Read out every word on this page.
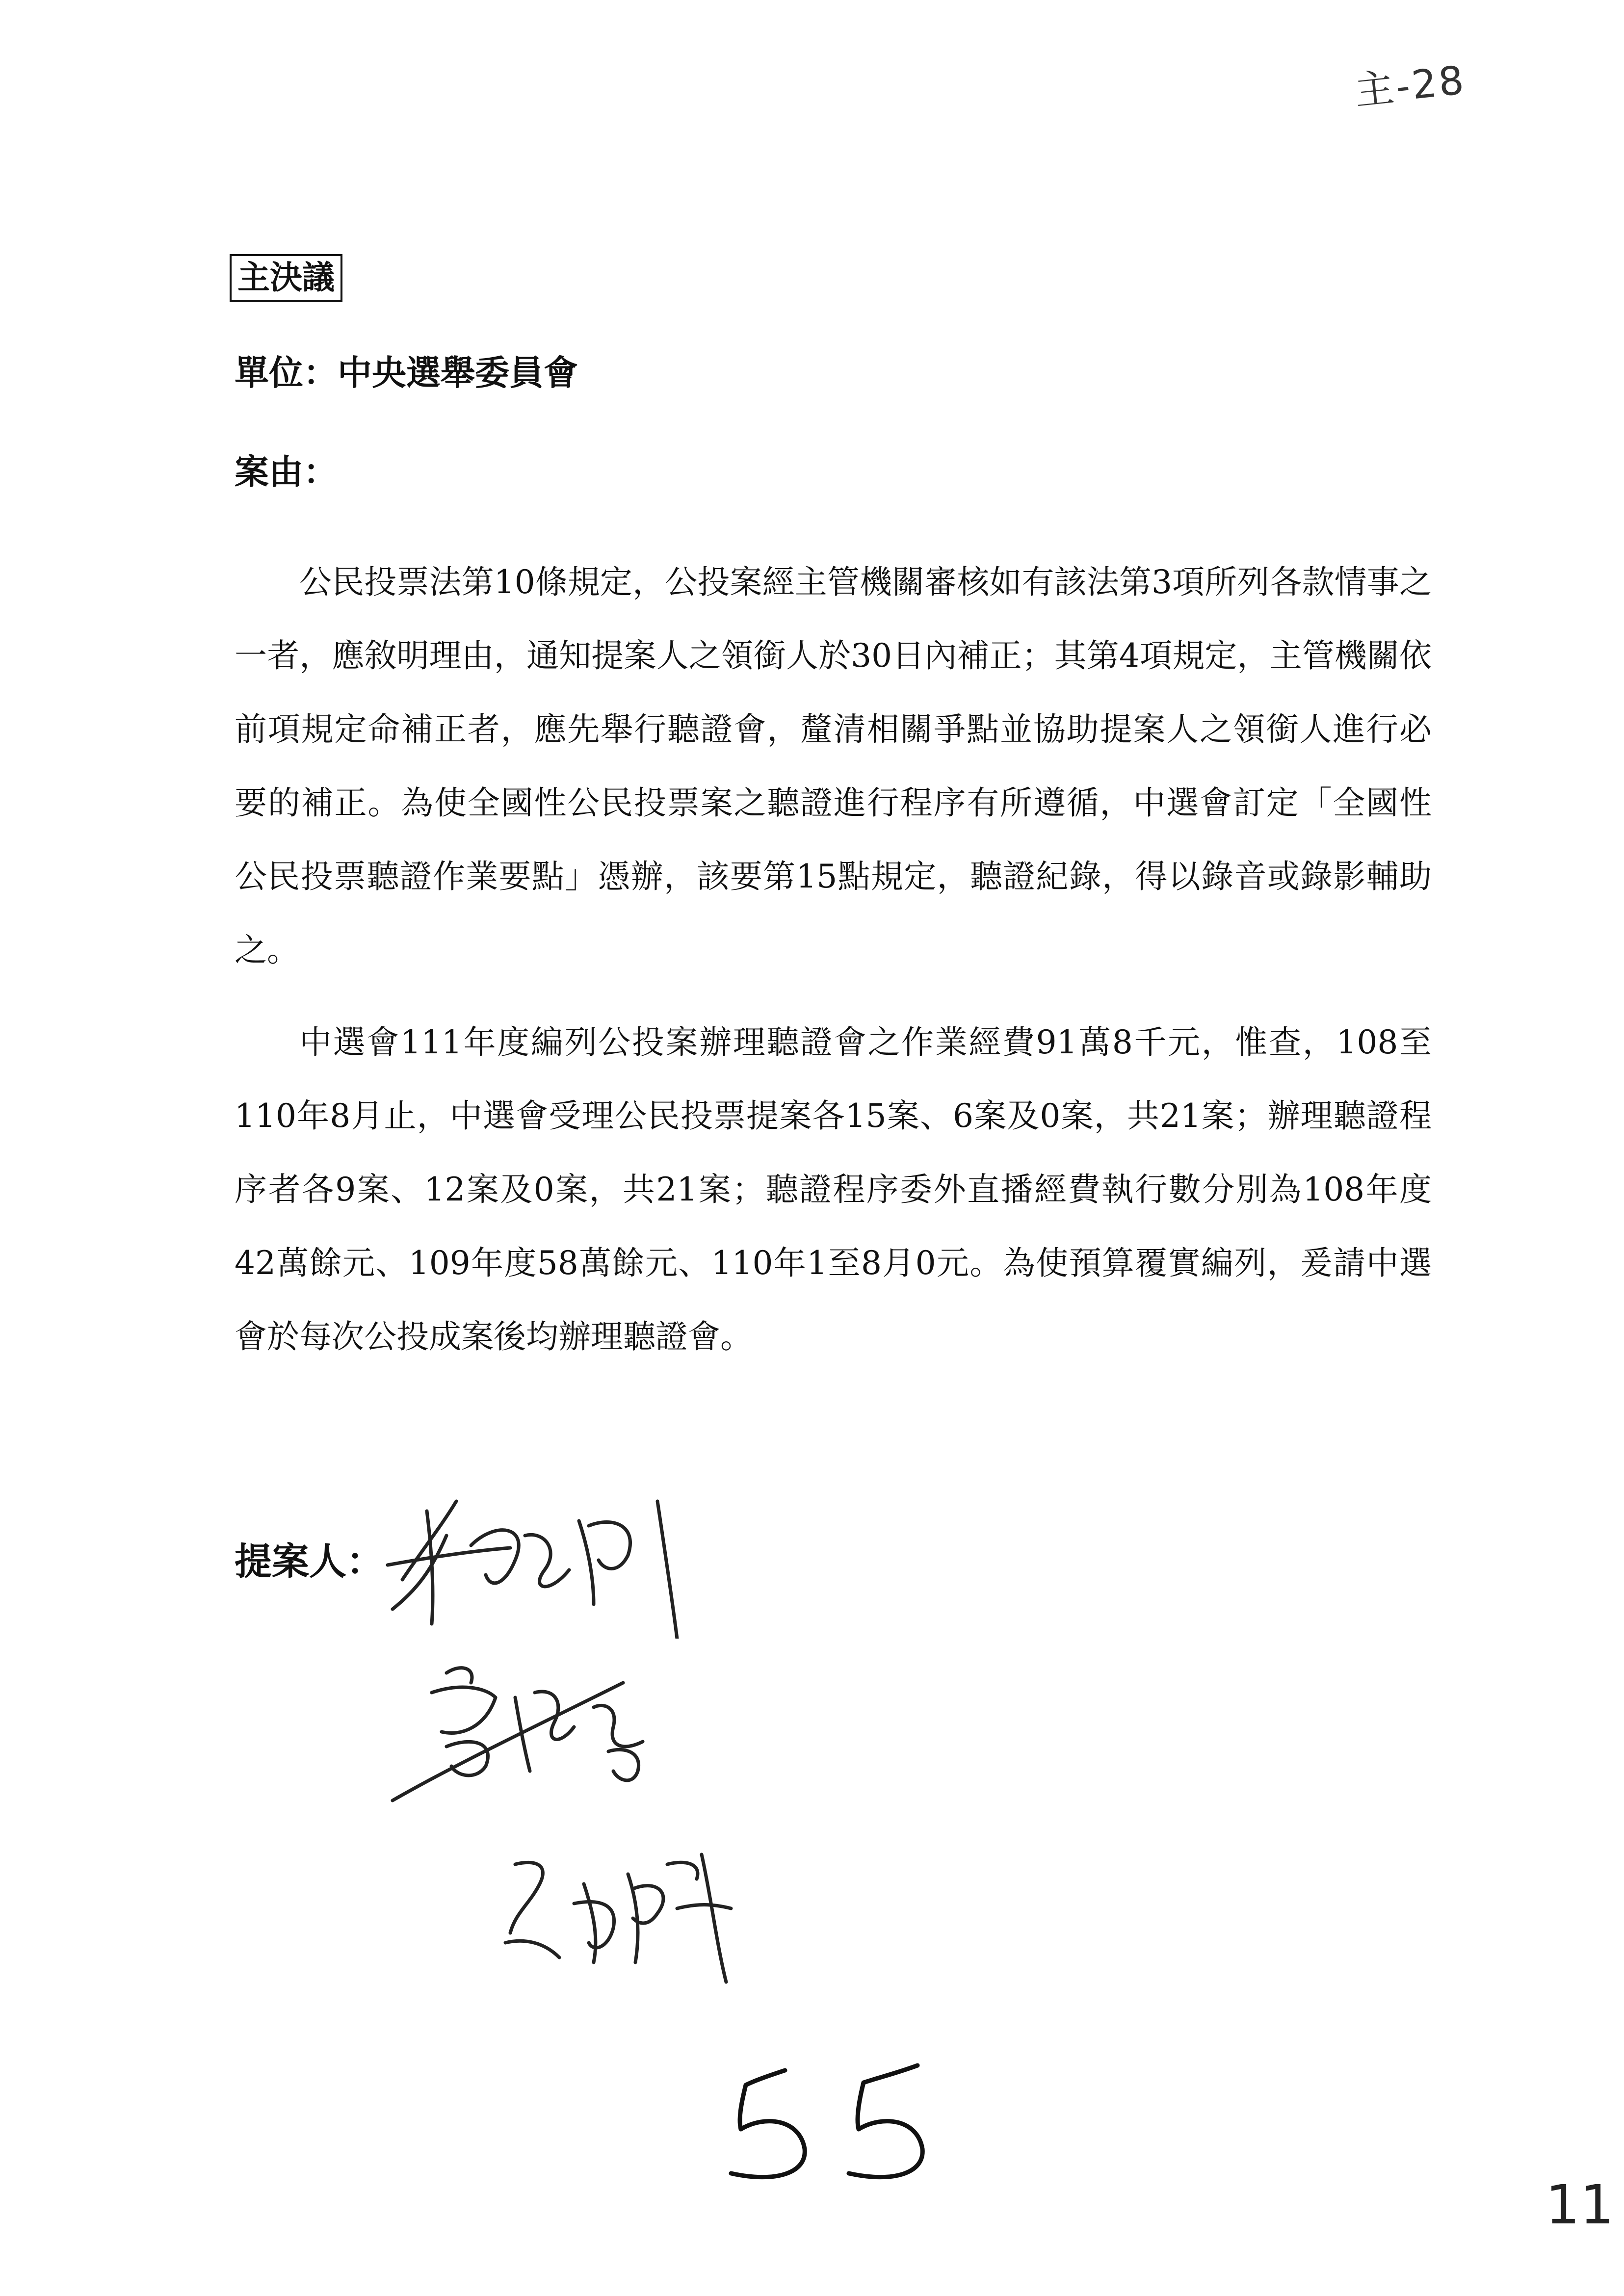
主-28
主決議
單位：中央選舉委員會
案由：

公民投票法第10條規定，公投案經主管機關審核如有該法第3項所列各款情事之一者，應敘明理由，通知提案人之領銜人於30日內補正；其第4項規定，主管機關依前項規定命補正者，應先舉行聽證會，釐清相關爭點並協助提案人之領銜人進行必要的補正。為使全國性公民投票案之聽證進行程序有所遵循，中選會訂定「全國性公民投票聽證作業要點」憑辦，該要第15點規定，聽證紀錄，得以錄音或錄影輔助之。

中選會111年度編列公投案辦理聽證會之作業經費91萬8千元，惟查，108至110年8月止，中選會受理公民投票提案各15案、6案及0案，共21案；辦理聽證程序者各9案、12案及0案，共21案；聽證程序委外直播經費執行數分別為108年度42萬餘元、109年度58萬餘元、110年1至8月0元。為使預算覆實編列，爰請中選會於每次公投成案後均辦理聽證會。

提案人：
11
